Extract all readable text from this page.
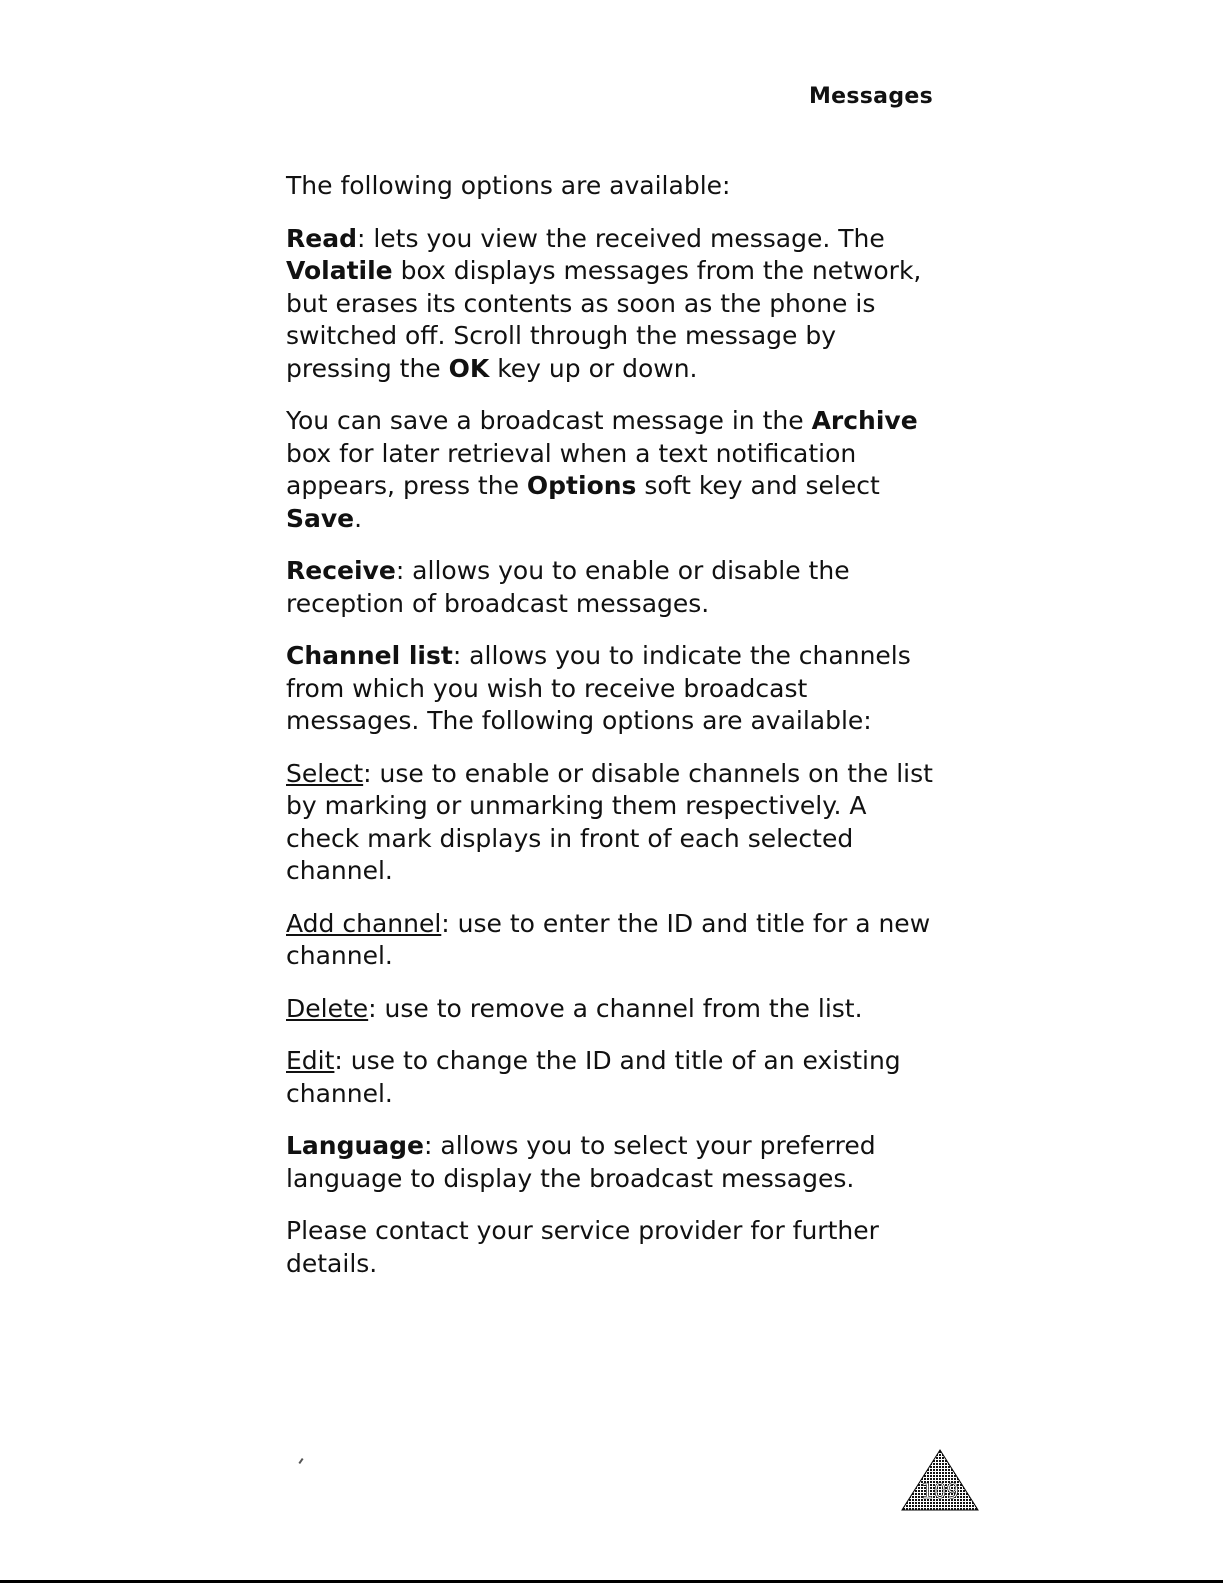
Messages

The following options are available:

Read: lets you view the received message. The Volatile box displays messages from the network, but erases its contents as soon as the phone is switched off. Scroll through the message by pressing the OK key up or down.

You can save a broadcast message in the Archive box for later retrieval when a text notification appears, press the Options soft key and select Save.

Receive: allows you to enable or disable the reception of broadcast messages.

Channel list: allows you to indicate the channels from which you wish to receive broadcast messages. The following options are available:

Select: use to enable or disable channels on the list by marking or unmarking them respectively. A check mark displays in front of each selected channel.

Add channel: use to enter the ID and title for a new channel.

Delete: use to remove a channel from the list.

Edit: use to change the ID and title of an existing channel.

Language: allows you to select your preferred language to display the broadcast messages.

Please contact your service provider for further details.

109
